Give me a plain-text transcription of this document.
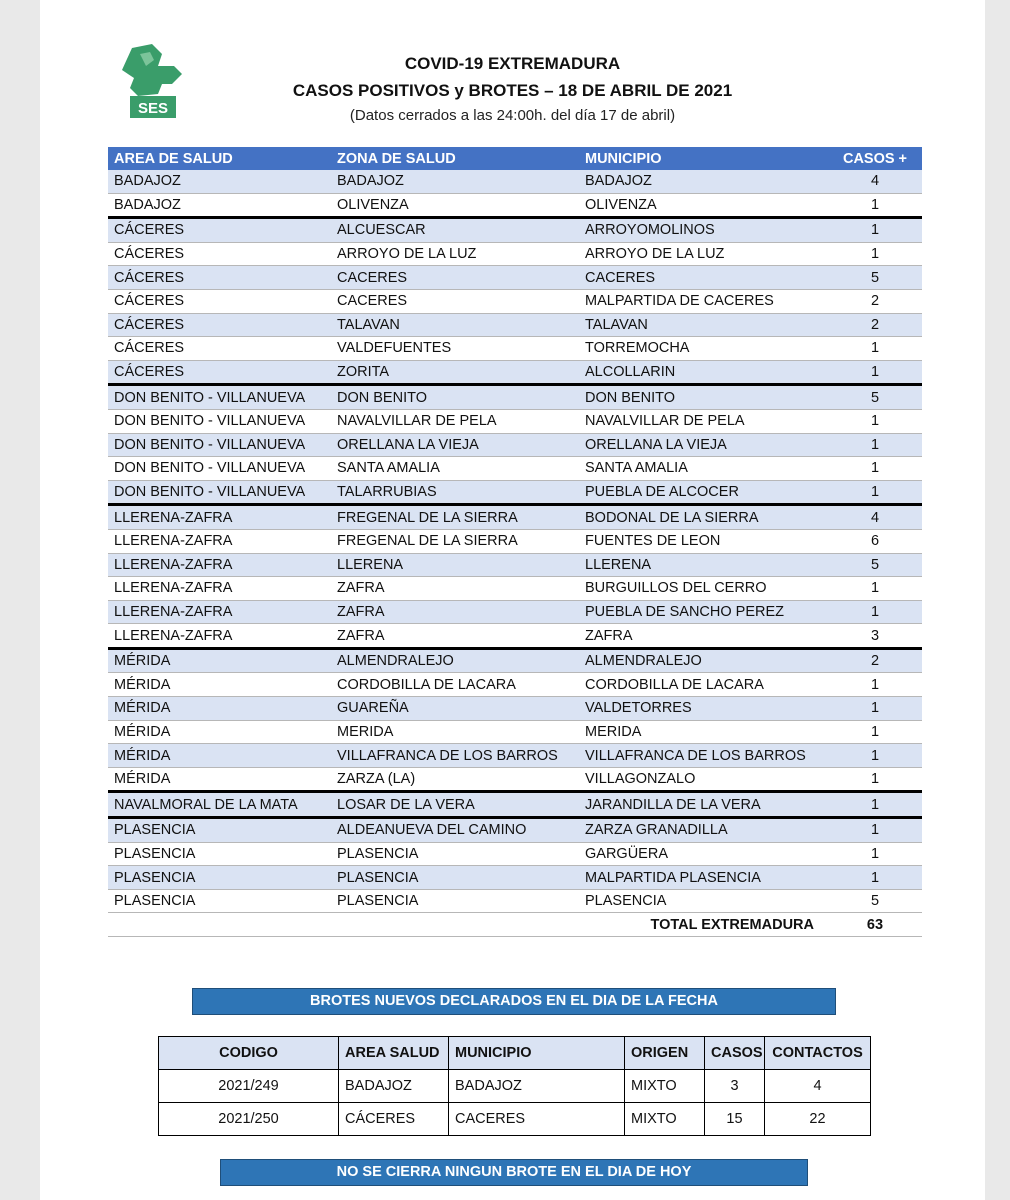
SES
COVID-19 EXTREMADURA
CASOS POSITIVOS y BROTES – 18 DE ABRIL DE 2021
(Datos cerrados a las 24:00h. del día 17 de abril)
AREA DE SALUD	ZONA DE SALUD	MUNICIPIO	CASOS +
BADAJOZ	BADAJOZ	BADAJOZ	4
BADAJOZ	OLIVENZA	OLIVENZA	1
CÁCERES	ALCUESCAR	ARROYOMOLINOS	1
CÁCERES	ARROYO DE LA LUZ	ARROYO DE LA LUZ	1
CÁCERES	CACERES	CACERES	5
CÁCERES	CACERES	MALPARTIDA DE CACERES	2
CÁCERES	TALAVAN	TALAVAN	2
CÁCERES	VALDEFUENTES	TORREMOCHA	1
CÁCERES	ZORITA	ALCOLLARIN	1
DON BENITO - VILLANUEVA	DON BENITO	DON BENITO	5
DON BENITO - VILLANUEVA	NAVALVILLAR DE PELA	NAVALVILLAR DE PELA	1
DON BENITO - VILLANUEVA	ORELLANA LA VIEJA	ORELLANA LA VIEJA	1
DON BENITO - VILLANUEVA	SANTA AMALIA	SANTA AMALIA	1
DON BENITO - VILLANUEVA	TALARRUBIAS	PUEBLA DE ALCOCER	1
LLERENA-ZAFRA	FREGENAL DE LA SIERRA	BODONAL DE LA SIERRA	4
LLERENA-ZAFRA	FREGENAL DE LA SIERRA	FUENTES DE LEON	6
LLERENA-ZAFRA	LLERENA	LLERENA	5
LLERENA-ZAFRA	ZAFRA	BURGUILLOS DEL CERRO	1
LLERENA-ZAFRA	ZAFRA	PUEBLA DE SANCHO PEREZ	1
LLERENA-ZAFRA	ZAFRA	ZAFRA	3
MÉRIDA	ALMENDRALEJO	ALMENDRALEJO	2
MÉRIDA	CORDOBILLA DE LACARA	CORDOBILLA DE LACARA	1
MÉRIDA	GUAREÑA	VALDETORRES	1
MÉRIDA	MERIDA	MERIDA	1
MÉRIDA	VILLAFRANCA DE LOS BARROS	VILLAFRANCA DE LOS BARROS	1
MÉRIDA	ZARZA (LA)	VILLAGONZALO	1
NAVALMORAL DE LA MATA	LOSAR DE LA VERA	JARANDILLA DE LA VERA	1
PLASENCIA	ALDEANUEVA DEL CAMINO	ZARZA GRANADILLA	1
PLASENCIA	PLASENCIA	GARGÜERA	1
PLASENCIA	PLASENCIA	MALPARTIDA PLASENCIA	1
PLASENCIA	PLASENCIA	PLASENCIA	5
TOTAL EXTREMADURA			63
BROTES NUEVOS DECLARADOS EN EL DIA DE LA FECHA
CODIGO	AREA SALUD	MUNICIPIO	ORIGEN	CASOS	CONTACTOS
2021/249	BADAJOZ	BADAJOZ	MIXTO	3	4
2021/250	CÁCERES	CACERES	MIXTO	15	22
NO SE CIERRA NINGUN BROTE EN EL DIA DE HOY
